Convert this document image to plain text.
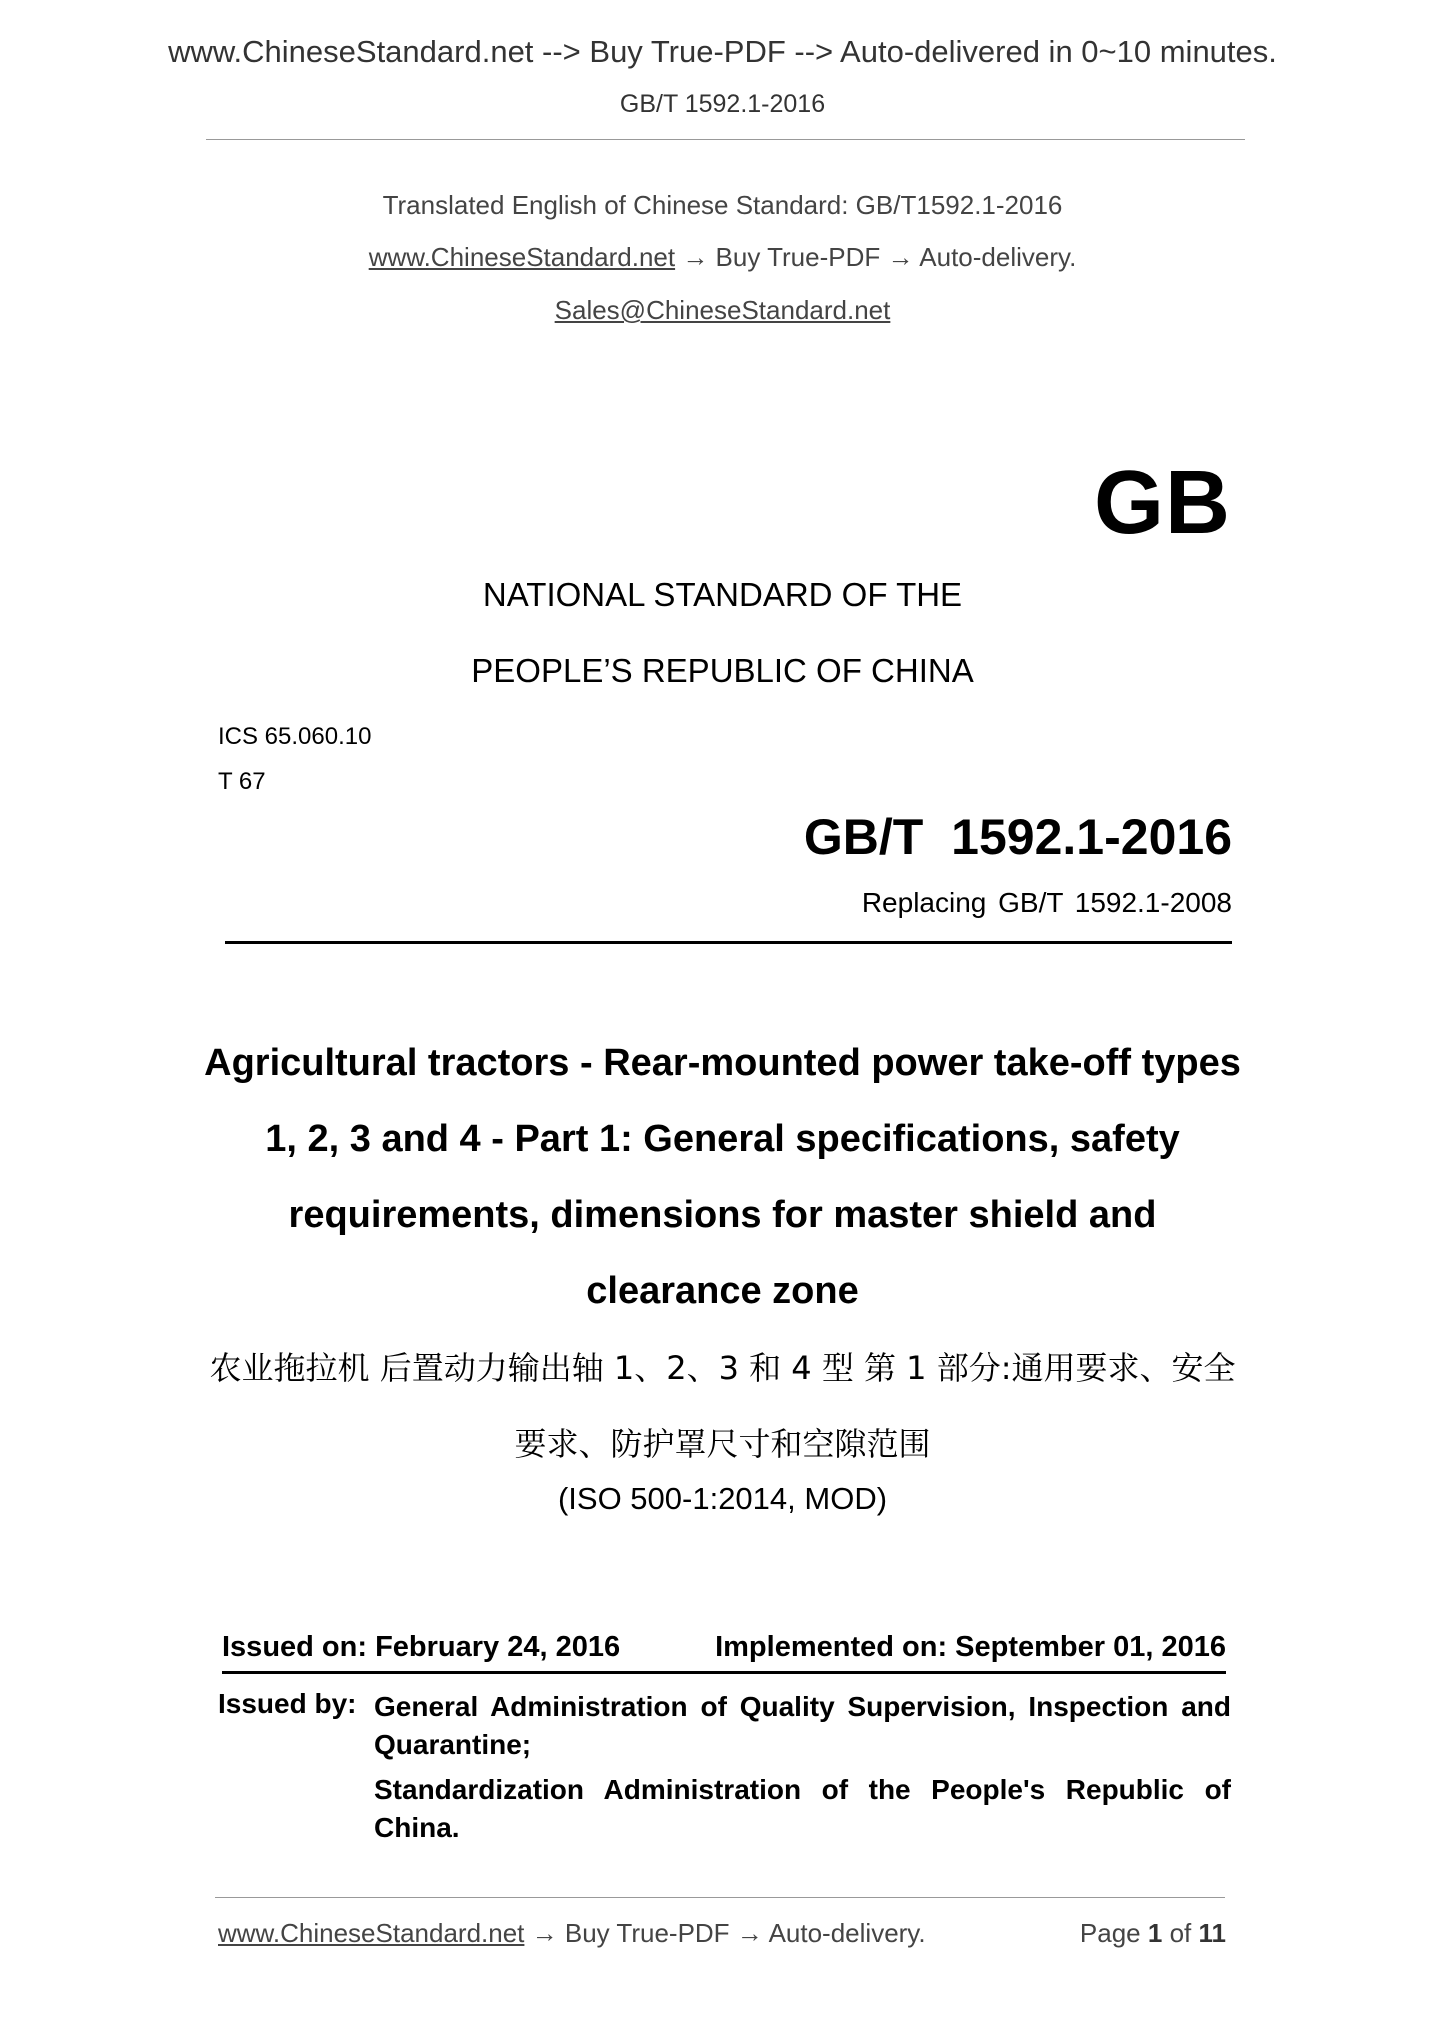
www.ChineseStandard.net --> Buy True-PDF --> Auto-delivered in 0~10 minutes.
GB/T 1592.1-2016
Translated English of Chinese Standard: GB/T1592.1-2016
www.ChineseStandard.net → Buy True-PDF → Auto-delivery.
Sales@ChineseStandard.net
GB
NATIONAL STANDARD OF THE
PEOPLE’S REPUBLIC OF CHINA
ICS 65.060.10
T 67
GB/T 1592.1-2016
Replacing GB/T 1592.1-2008
Agricultural tractors - Rear-mounted power take-off types 1, 2, 3 and 4 - Part 1: General specifications, safety requirements, dimensions for master shield and clearance zone
农业拖拉机 后置动力输出轴 1、2、3 和 4 型 第 1 部分:通用要求、安全要求、防护罩尺寸和空隙范围
(ISO 500-1:2014, MOD)
Issued on: February 24, 2016	Implemented on: September 01, 2016
Issued by: General Administration of Quality Supervision, Inspection and Quarantine;
Standardization Administration of the People's Republic of China.
www.ChineseStandard.net → Buy True-PDF → Auto-delivery.	Page 1 of 11
